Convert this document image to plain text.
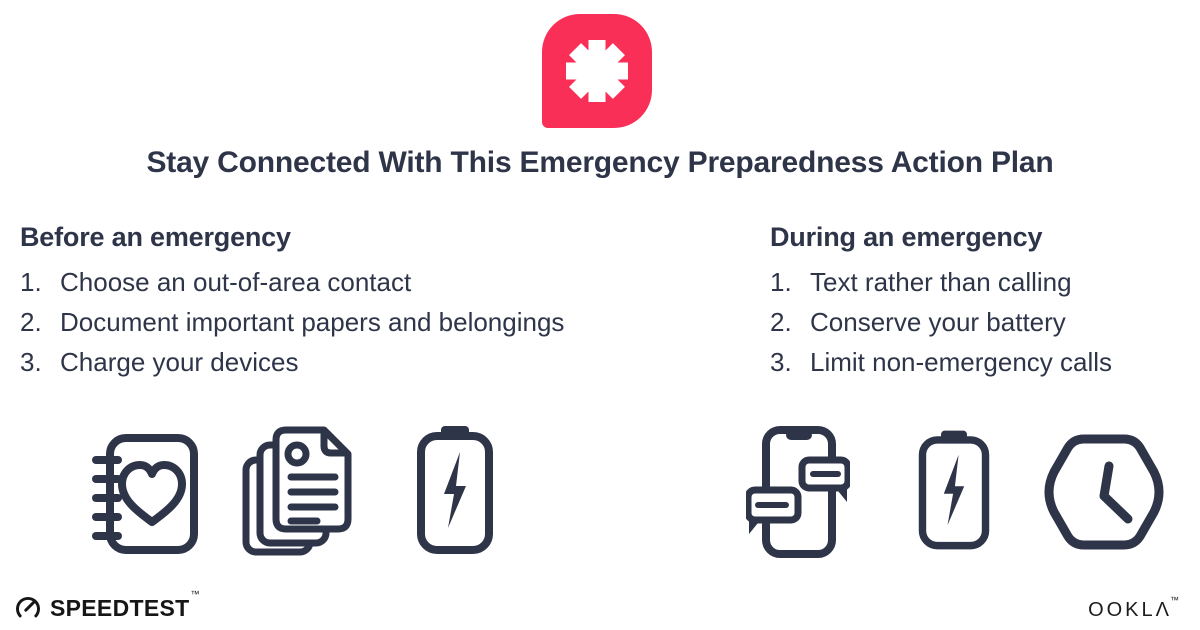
Stay Connected With This Emergency Preparedness Action Plan
Before an emergency
1. Choose an out-of-area contact
2. Document important papers and belongings
3. Charge your devices
During an emergency
1. Text rather than calling
2. Conserve your battery
3. Limit non-emergency calls
SPEEDTEST™
OOKLΛ™
